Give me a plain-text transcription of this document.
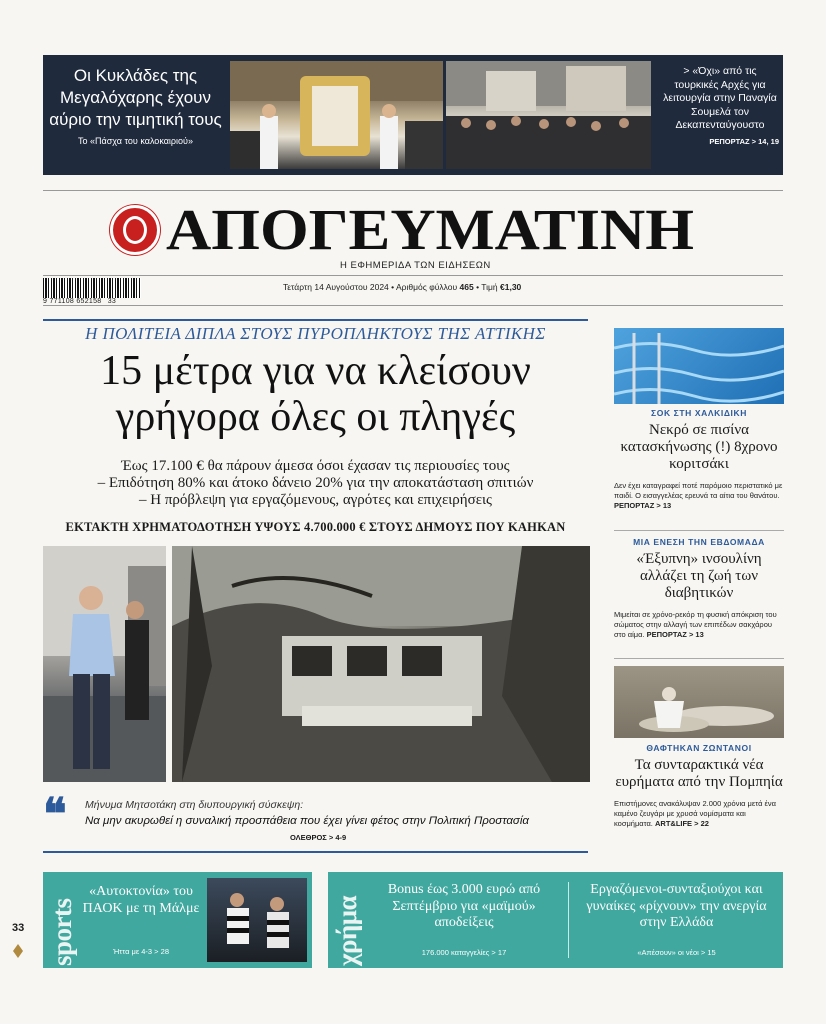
Οι Κυκλάδες της Μεγαλόχαρης έχουν αύριο την τιμητική τους
Το «Πάσχα του καλοκαιριού»
> «Όχι» από τις τουρκικές Αρχές για λειτουργία στην Παναγία Σουμελά τον Δεκαπενταύγουστο
ΡΕΠΟΡΤΑΖ > 14, 19
ΑΠΟΓΕΥΜΑΤΙΝΗ
Η ΕΦΗΜΕΡΙΔΑ ΤΩΝ ΕΙΔΗΣΕΩΝ
9 771108 652158 33
Τετάρτη 14 Αυγούστου 2024 • Αριθμός φύλλου 465 • Τιμή €1,30
Η ΠΟΛΙΤΕΙΑ ΔΙΠΛΑ ΣΤΟΥΣ ΠΥΡΟΠΛΗΚΤΟΥΣ ΤΗΣ ΑΤΤΙΚΗΣ
15 μέτρα για να κλείσουν
γρήγορα όλες οι πληγές
Έως 17.100 € θα πάρουν άμεσα όσοι έχασαν τις περιουσίες τους
– Επιδότηση 80% και άτοκο δάνειο 20% για την αποκατάσταση σπιτιών
– Η πρόβλεψη για εργαζόμενους, αγρότες και επιχειρήσεις
ΕΚΤΑΚΤΗ ΧΡΗΜΑΤΟΔΟΤΗΣΗ ΥΨΟΥΣ 4.700.000 € ΣΤΟΥΣ ΔΗΜΟΥΣ ΠΟΥ ΚΑΗΚΑΝ
❝ Μήνυμα Μητσοτάκη στη διυπουργική σύσκεψη:
Να μην ακυρωθεί η συναλική προσπάθεια που έχει γίνει φέτος στην Πολιτική Προστασία
ΟΛΕΘΡΟΣ > 4-9
ΣΟΚ ΣΤΗ ΧΑΛΚΙΔΙΚΗ
Νεκρό σε πισίνα κατασκήνωσης (!) 8χρονο κοριτσάκι
Δεν έχει καταγραφεί ποτέ παρόμοιο περιστατικό με παιδί. Ο εισαγγελέας ερευνά τα αίτια του θανάτου. ΡΕΠΟΡΤΑΖ > 13
ΜΙΑ ΕΝΕΣΗ ΤΗΝ ΕΒΔΟΜΑΔΑ
«Έξυπνη» ινσουλίνη αλλάζει τη ζωή των διαβητικών
Μιμείται σε χρόνο-ρεκόρ τη φυσική απόκριση του σώματος στην αλλαγή των επιπέδων σακχάρου στο αίμα. ΡΕΠΟΡΤΑΖ > 13
ΘΑΦΤΗΚΑΝ ΖΩΝΤΑΝΟΙ
Τα συνταρακτικά νέα ευρήματα από την Πομπηία
Επιστήμονες ανακάλυψαν 2.000 χρόνια μετά ένα καμένο ζευγάρι με χρυσά νομίσματα και κοσμήματα. ART&LIFE > 22
sports
«Αυτοκτονία» του ΠΑΟΚ με τη Μάλμε
Ήττα με 4-3 > 28	χρήμα
Bonus έως 3.000 ευρώ από Σεπτέμβριο για «μαϊμού» αποδείξεις
176.000 καταγγελίες > 17
Εργαζόμενοι-συνταξιούχοι και γυναίκες «ρίχνουν» την ανεργία στην Ελλάδα
«Απέσουν» οι νέοι > 15
33
